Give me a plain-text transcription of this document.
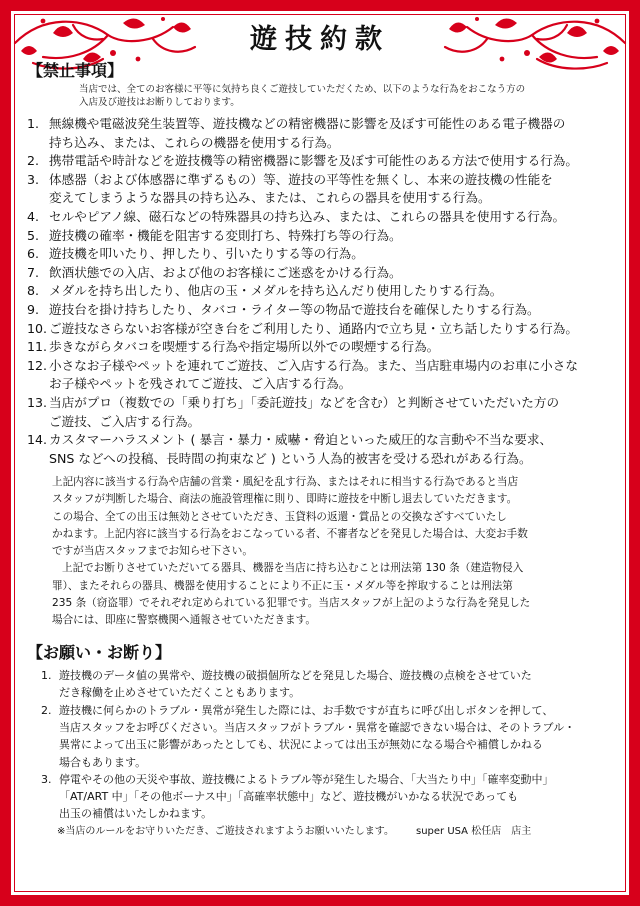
遊技約款
【禁止事項】
当店では、全てのお客様に平等に気持ち良くご遊技していただくため、以下のような行為をおこなう方の
入店及び遊技はお断りしております。
1. 無線機や電磁波発生装置等、遊技機などの精密機器に影響を及ぼす可能性のある電子機器の
持ち込み、または、これらの機器を使用する行為。
2. 携帯電話や時計などを遊技機等の精密機器に影響を及ぼす可能性のある方法で使用する行為。
3. 体感器（および体感器に準ずるもの）等、遊技の平等性を無くし、本来の遊技機の性能を
変えてしまうような器具の持ち込み、または、これらの器具を使用する行為。
4. セルやピアノ線、磁石などの特殊器具の持ち込み、または、これらの器具を使用する行為。
5. 遊技機の確率・機能を阻害する変則打ち、特殊打ち等の行為。
6. 遊技機を叩いたり、押したり、引いたりする等の行為。
7. 飲酒状態での入店、および他のお客様にご迷惑をかける行為。
8. メダルを持ち出したり、他店の玉・メダルを持ち込んだり使用したりする行為。
9. 遊技台を掛け持ちしたり、タバコ・ライター等の物品で遊技台を確保したりする行為。
10. ご遊技なさらないお客様が空き台をご利用したり、通路内で立ち見・立ち話したりする行為。
11. 歩きながらタバコを喫煙する行為や指定場所以外での喫煙する行為。
12. 小さなお子様やペットを連れてご遊技、ご入店する行為。また、当店駐車場内のお車に小さな
お子様やペットを残されてご遊技、ご入店する行為。
13. 当店がプロ（複数での「乗り打ち」「委託遊技」などを含む）と判断させていただいた方の
ご遊技、ご入店する行為。
14. カスタマーハラスメント ( 暴言・暴力・威嚇・脅迫といった威圧的な言動や不当な要求、
SNS などへの投稿、長時間の拘束など ) という人為的被害を受ける恐れがある行為。
上記内容に該当する行為や店舗の営業・風紀を乱す行為、またはそれに相当する行為であると当店
スタッフが判断した場合、商法の施設管理権に則り、即時に遊技を中断し退去していただきます。
この場合、全ての出玉は無効とさせていただき、玉貸料の返還・賞品との交換なざすべていたし
かねます。上記内容に該当する行為をおこなっている者、不審者などを発見した場合は、大変お手数
ですが当店スタッフまでお知らせ下さい。
上記でお断りさせていただいてる器具、機器を当店に持ち込むことは刑法第 130 条（建造物侵入
罪）、またそれらの器具、機器を使用することにより不正に玉・メダル等を搾取することは刑法第
235 条（窃盗罪）でそれぞれ定められている犯罪です。当店スタッフが上記のような行為を発見した
場合には、即座に警察機関へ通報させていただきます。
【お願い・お断り】
1. 遊技機のデータ値の異常や、遊技機の破損個所などを発見した場合、遊技機の点検をさせていた
だき稼働を止めさせていただくこともあります。
2. 遊技機に何らかのトラブル・異常が発生した際には、お手数ですが直ちに呼び出しボタンを押して、
当店スタッフをお呼びください。当店スタッフがトラブル・異常を確認できない場合は、そのトラブル・
異常によって出玉に影響があったとしても、状況によっては出玉が無効になる場合や補償しかねる
場合もあります。
3. 停電やその他の天災や事故、遊技機によるトラブル等が発生した場合、「大当たり中」「確率変動中」
「AT/ART 中」「その他ボーナス中」「高確率状態中」など、遊技機がいかなる状況であっても
出玉の補償はいたしかねます。
※当店のルールをお守りいただき、ご遊技されますようお願いいたします。 super USA 松任店　店主
